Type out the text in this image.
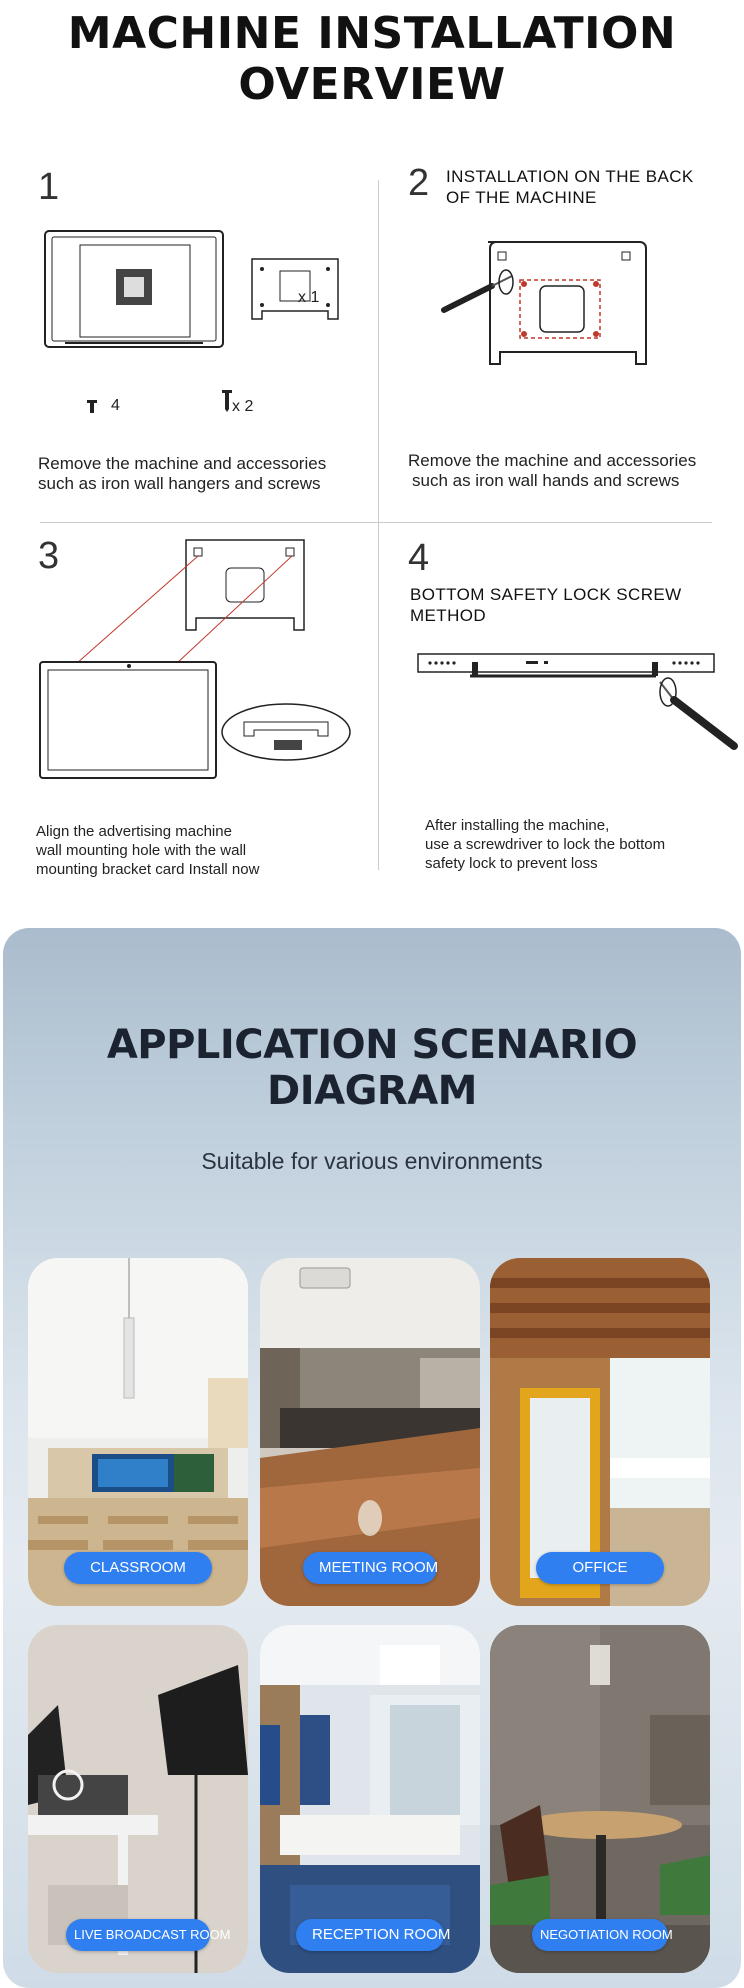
MACHINE INSTALLATION OVERVIEW
1
x 1
4	x 2
Remove the machine and accessories
such as iron wall hangers and screws
2 INSTALLATION ON THE BACK
OF THE MACHINE
Remove the machine and accessories
such as iron wall hands and screws
3
Align the advertising machine
wall mounting hole with the wall
mounting bracket card Install now
4
BOTTOM SAFETY LOCK SCREW METHOD
After installing the machine,
use a screwdriver to lock the bottom
safety lock to prevent loss
APPLICATION SCENARIO DIAGRAM
Suitable for various environments
CLASSROOM	MEETING ROOM	OFFICE
LIVE BROADCAST ROOM	RECEPTION ROOM	NEGOTIATION ROOM
